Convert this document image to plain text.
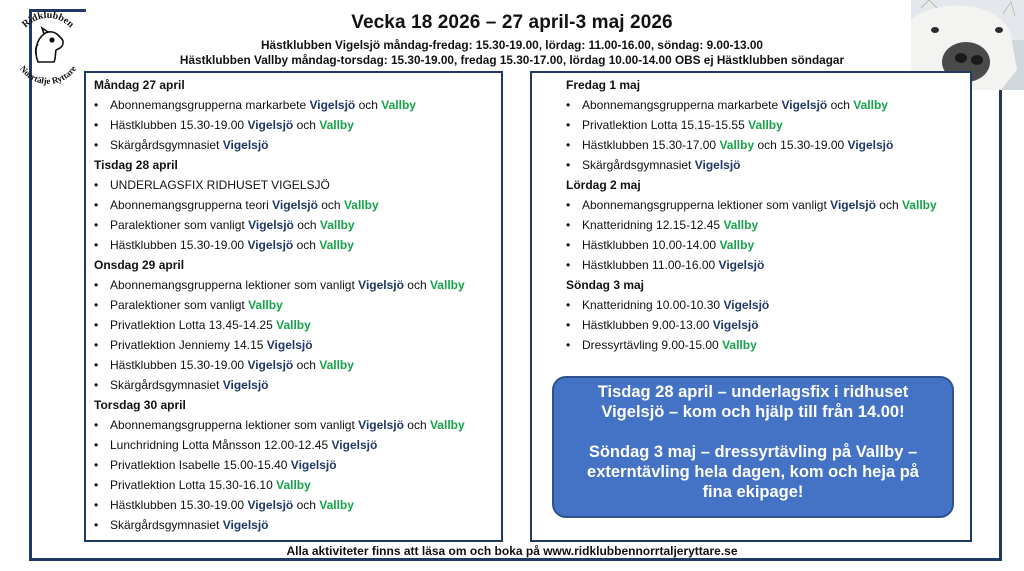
Ridklubben
Norrtälje Ryttare
Vecka 18 2026 – 27 april-3 maj 2026
Hästklubben Vigelsjö måndag-fredag: 15.30-19.00, lördag: 11.00-16.00, söndag: 9.00-13.00
Hästklubben Vallby måndag-torsdag: 15.30-19.00, fredag 15.30-17.00, lördag 10.00-14.00 OBS ej Hästklubben söndagar
Måndag 27 april
• Abonnemangsgrupperna markarbete Vigelsjö och Vallby
• Hästklubben 15.30-19.00 Vigelsjö och Vallby
• Skärgårdsgymnasiet Vigelsjö
Tisdag 28 april
• UNDERLAGSFIX RIDHUSET VIGELSJÖ
• Abonnemangsgrupperna teori Vigelsjö och Vallby
• Paralektioner som vanligt Vigelsjö och Vallby
• Hästklubben 15.30-19.00 Vigelsjö och Vallby
Onsdag 29 april
• Abonnemangsgrupperna lektioner som vanligt Vigelsjö och Vallby
• Paralektioner som vanligt Vallby
• Privatlektion Lotta 13.45-14.25 Vallby
• Privatlektion Jenniemy 14.15 Vigelsjö
• Hästklubben 15.30-19.00 Vigelsjö och Vallby
• Skärgårdsgymnasiet Vigelsjö
Torsdag 30 april
• Abonnemangsgrupperna lektioner som vanligt Vigelsjö och Vallby
• Lunchridning Lotta Månsson 12.00-12.45 Vigelsjö
• Privatlektion Isabelle 15.00-15.40 Vigelsjö
• Privatlektion Lotta 15.30-16.10 Vallby
• Hästklubben 15.30-19.00 Vigelsjö och Vallby
• Skärgårdsgymnasiet Vigelsjö
Fredag 1 maj
• Abonnemangsgrupperna markarbete Vigelsjö och Vallby
• Privatlektion Lotta 15.15-15.55 Vallby
• Hästklubben 15.30-17.00 Vallby och 15.30-19.00 Vigelsjö
• Skärgårdsgymnasiet Vigelsjö
Lördag 2 maj
• Abonnemangsgrupperna lektioner som vanligt Vigelsjö och Vallby
• Knatteridning 12.15-12.45 Vallby
• Hästklubben 10.00-14.00 Vallby
• Hästklubben 11.00-16.00 Vigelsjö
Söndag 3 maj
• Knatteridning 10.00-10.30 Vigelsjö
• Hästklubben 9.00-13.00 Vigelsjö
• Dressyrtävling 9.00-15.00 Vallby

Tisdag 28 april – underlagsfix i ridhuset

Vigelsjö – kom och hjälp till från 14.00!

Söndag 3 maj – dressyrtävling på Vallby –

externtävling hela dagen, kom och heja på

fina ekipage!

Alla aktiviteter finns att läsa om och boka på www.ridklubbennorrtaljeryttare.se
